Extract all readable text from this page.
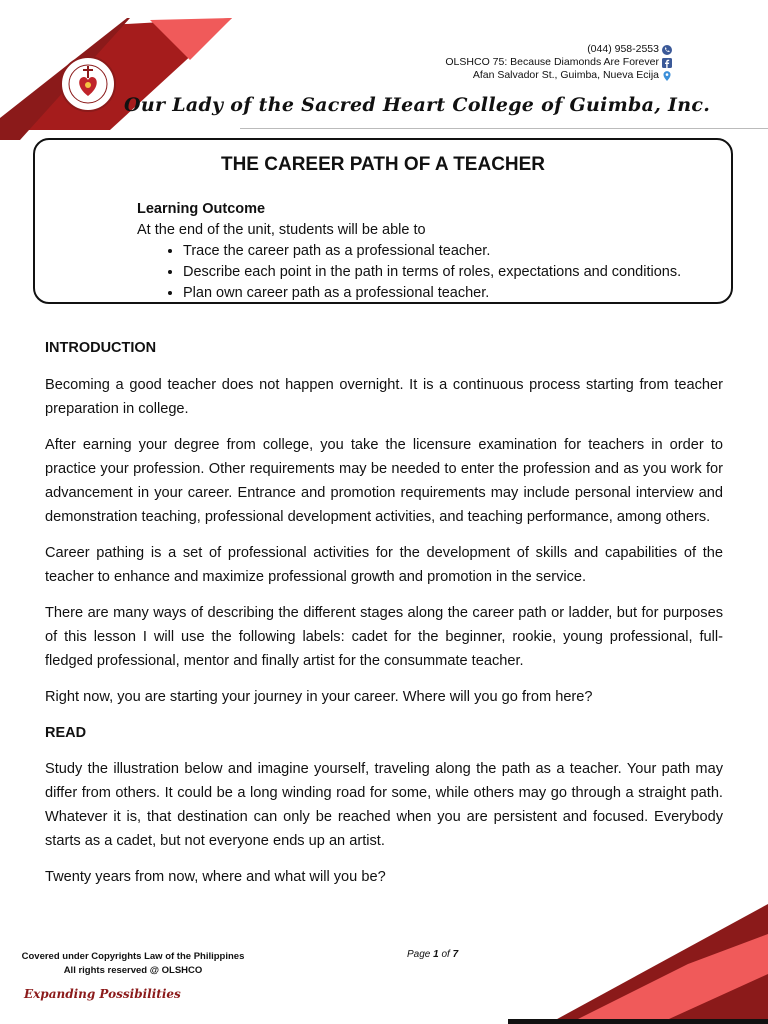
(044) 958-2553
OLSHCO 75: Because Diamonds Are Forever
Afan Salvador St., Guimba, Nueva Ecija
Our Lady of the Sacred Heart College of Guimba, Inc.
THE CAREER PATH OF A TEACHER
Learning Outcome
At the end of the unit, students will be able to
• Trace the career path as a professional teacher.
• Describe each point in the path in terms of roles, expectations and conditions.
• Plan own career path as a professional teacher.
INTRODUCTION

Becoming a good teacher does not happen overnight. It is a continuous process starting from teacher preparation in college.

After earning your degree from college, you take the licensure examination for teachers in order to practice your profession. Other requirements may be needed to enter the profession and as you work for advancement in your career. Entrance and promotion requirements may include personal interview and demonstration teaching, professional development activities, and teaching performance, among others.

Career pathing is a set of professional activities for the development of skills and capabilities of the teacher to enhance and maximize professional growth and promotion in the service.

There are many ways of describing the different stages along the career path or ladder, but for purposes of this lesson I will use the following labels: cadet for the beginner, rookie, young professional, full-fledged professional, mentor and finally artist for the consummate teacher.

Right now, you are starting your journey in your career. Where will you go from here?

READ

Study the illustration below and imagine yourself, traveling along the path as a teacher. Your path may differ from others. It could be a long winding road for some, while others may go through a straight path. Whatever it is, that destination can only be reached when you are persistent and focused. Everybody starts as a cadet, but not everyone ends up an artist.

Twenty years from now, where and what will you be?

Covered under Copyrights Law of the Philippines
All rights reserved @ OLSHCO
Page 1 of 7
Expanding Possibilities
